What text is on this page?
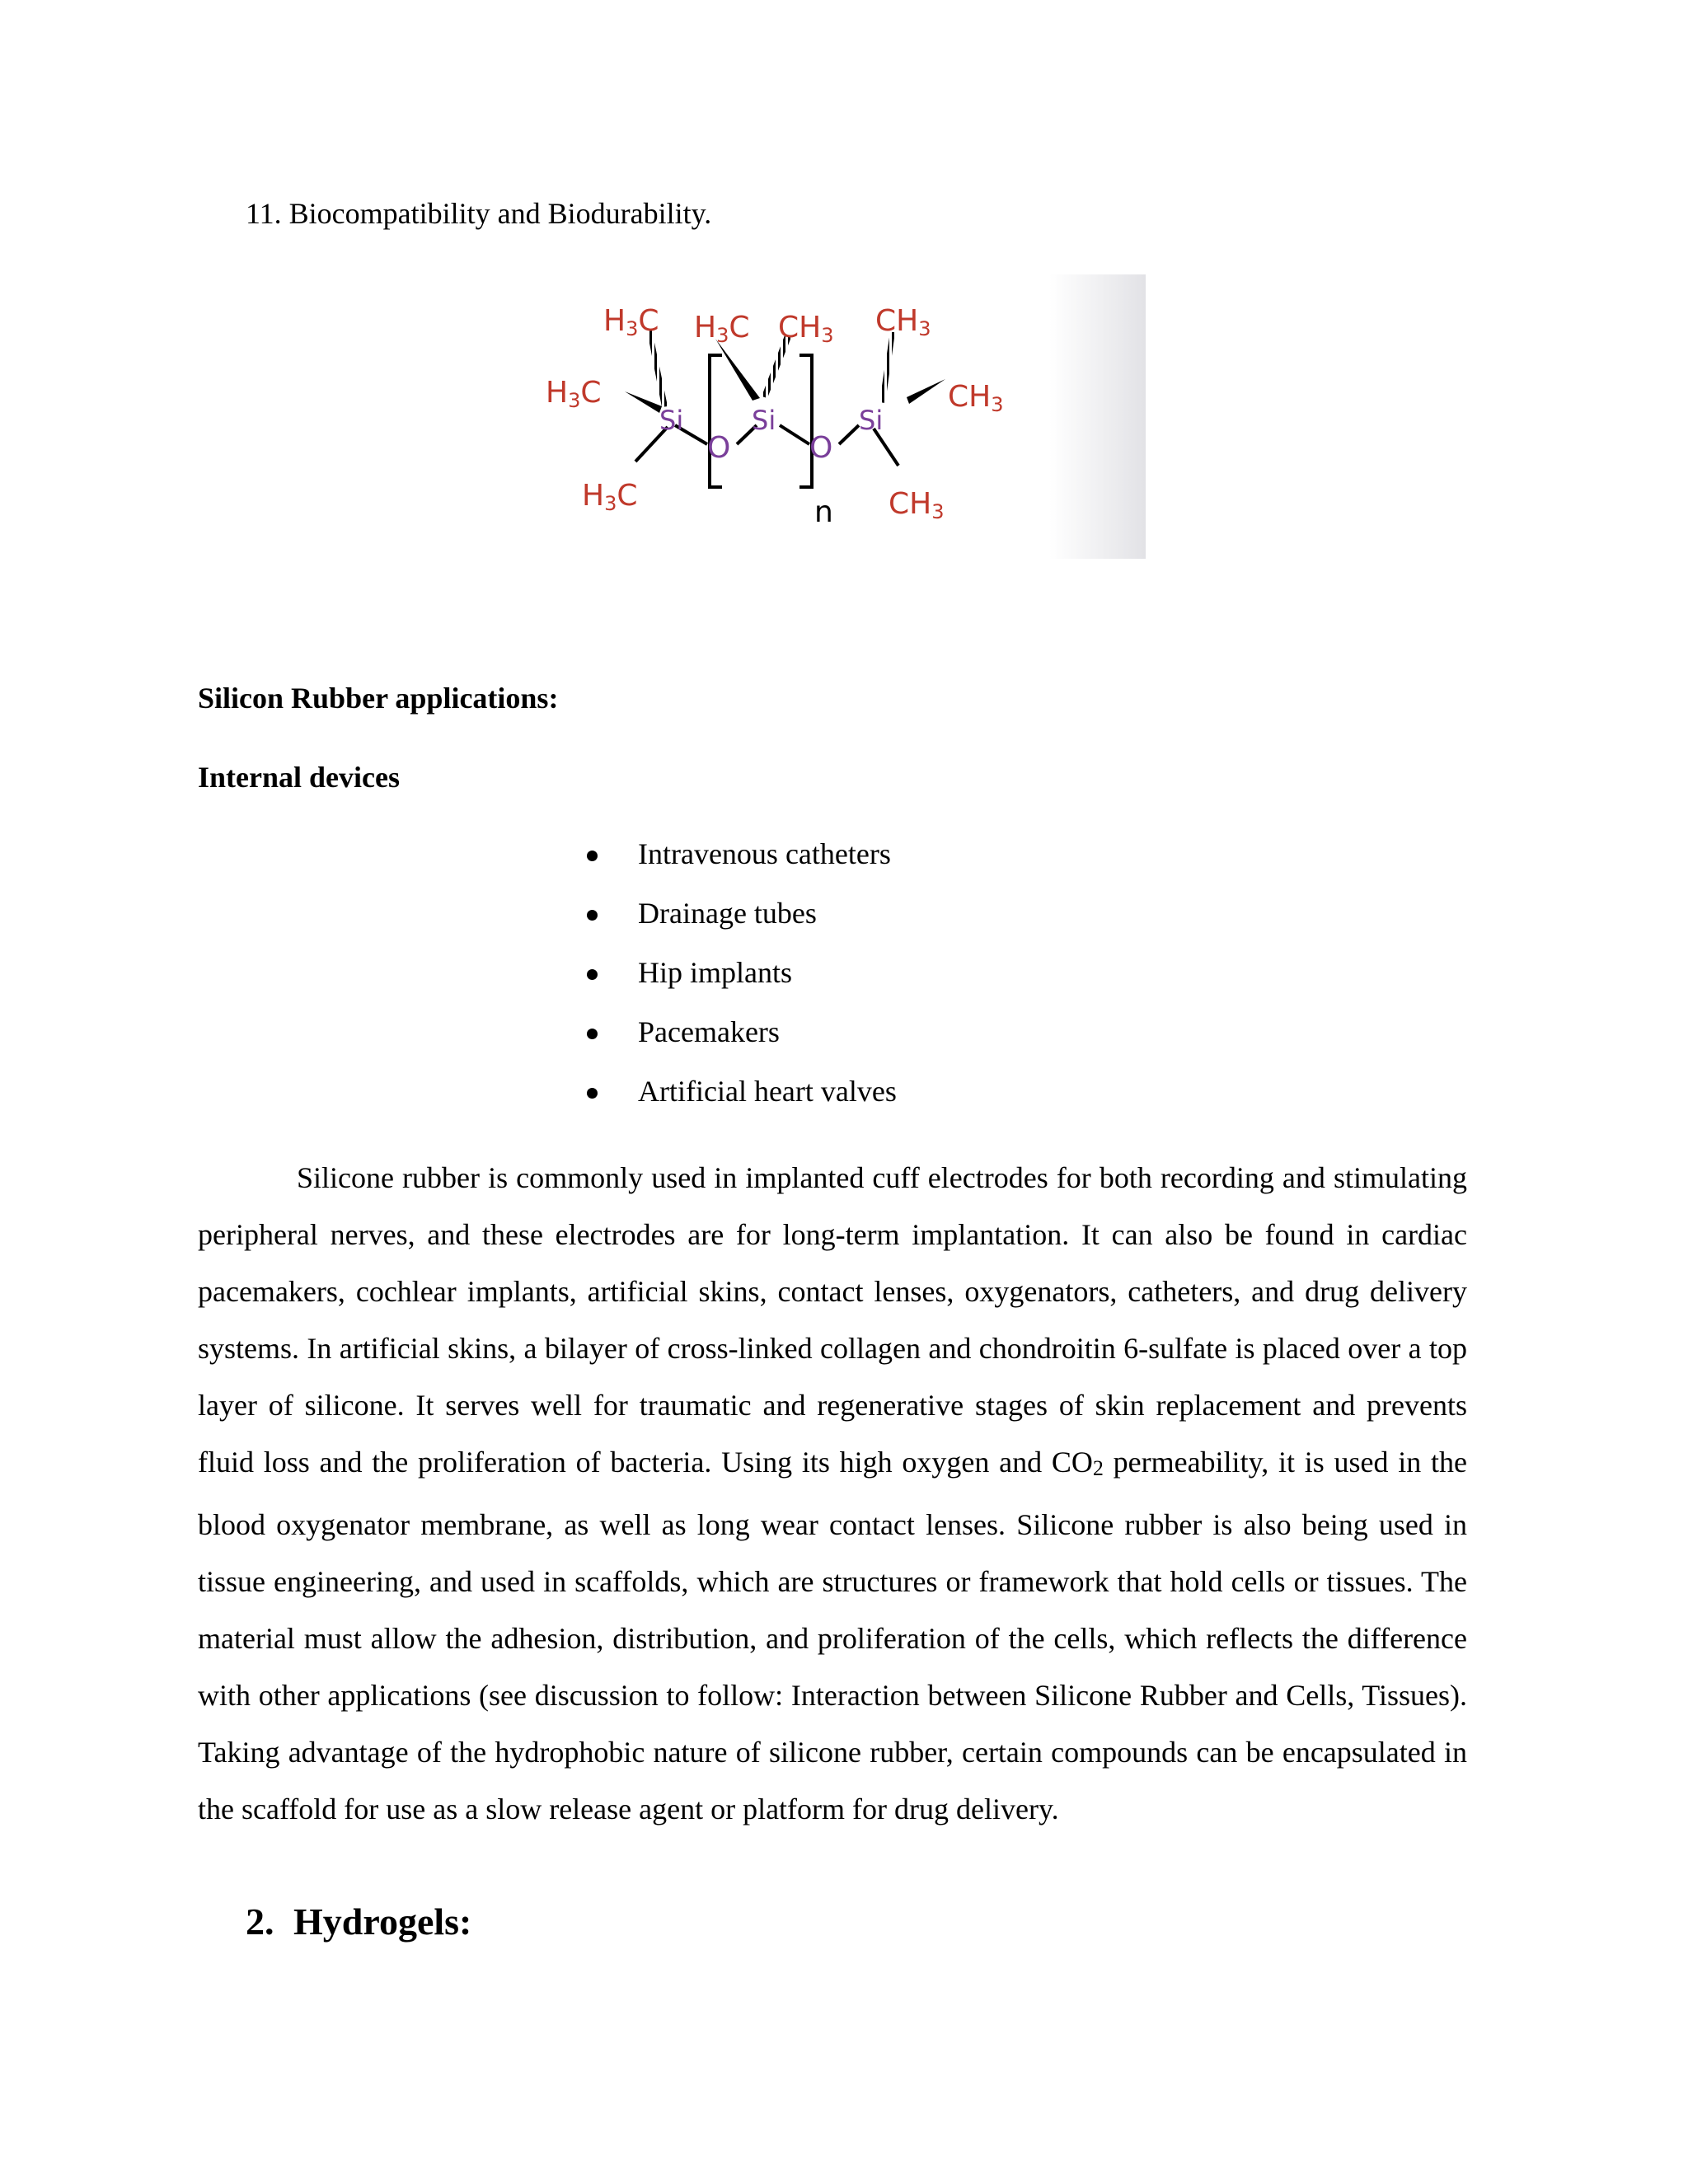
11. Biocompatibility and Biodurability.
H3C
H3C
H3C
Si
O
H3C CH3
Si
O
n
CH3
Si
CH3
CH3
Silicon Rubber applications:
Internal devices
Intravenous catheters
Drainage tubes
Hip implants
Pacemakers
Artificial heart valves

Silicone rubber is commonly used in implanted cuff electrodes for both recording and stimulating peripheral nerves, and these electrodes are for long-term implantation. It can also be found in cardiac pacemakers, cochlear implants, artificial skins, contact lenses, oxygenators, catheters, and drug delivery systems. In artificial skins, a bilayer of cross-linked collagen and chondroitin 6-sulfate is placed over a top layer of silicone. It serves well for traumatic and regenerative stages of skin replacement and prevents fluid loss and the proliferation of bacteria. Using its high oxygen and CO2 permeability, it is used in the blood oxygenator membrane, as well as long wear contact lenses. Silicone rubber is also being used in tissue engineering, and used in scaffolds, which are structures or framework that hold cells or tissues. The material must allow the adhesion, distribution, and proliferation of the cells, which reflects the difference with other applications (see discussion to follow: Interaction between Silicone Rubber and Cells, Tissues). Taking advantage of the hydrophobic nature of silicone rubber, certain compounds can be encapsulated in the scaffold for use as a slow release agent or platform for drug delivery.

2. Hydrogels:
